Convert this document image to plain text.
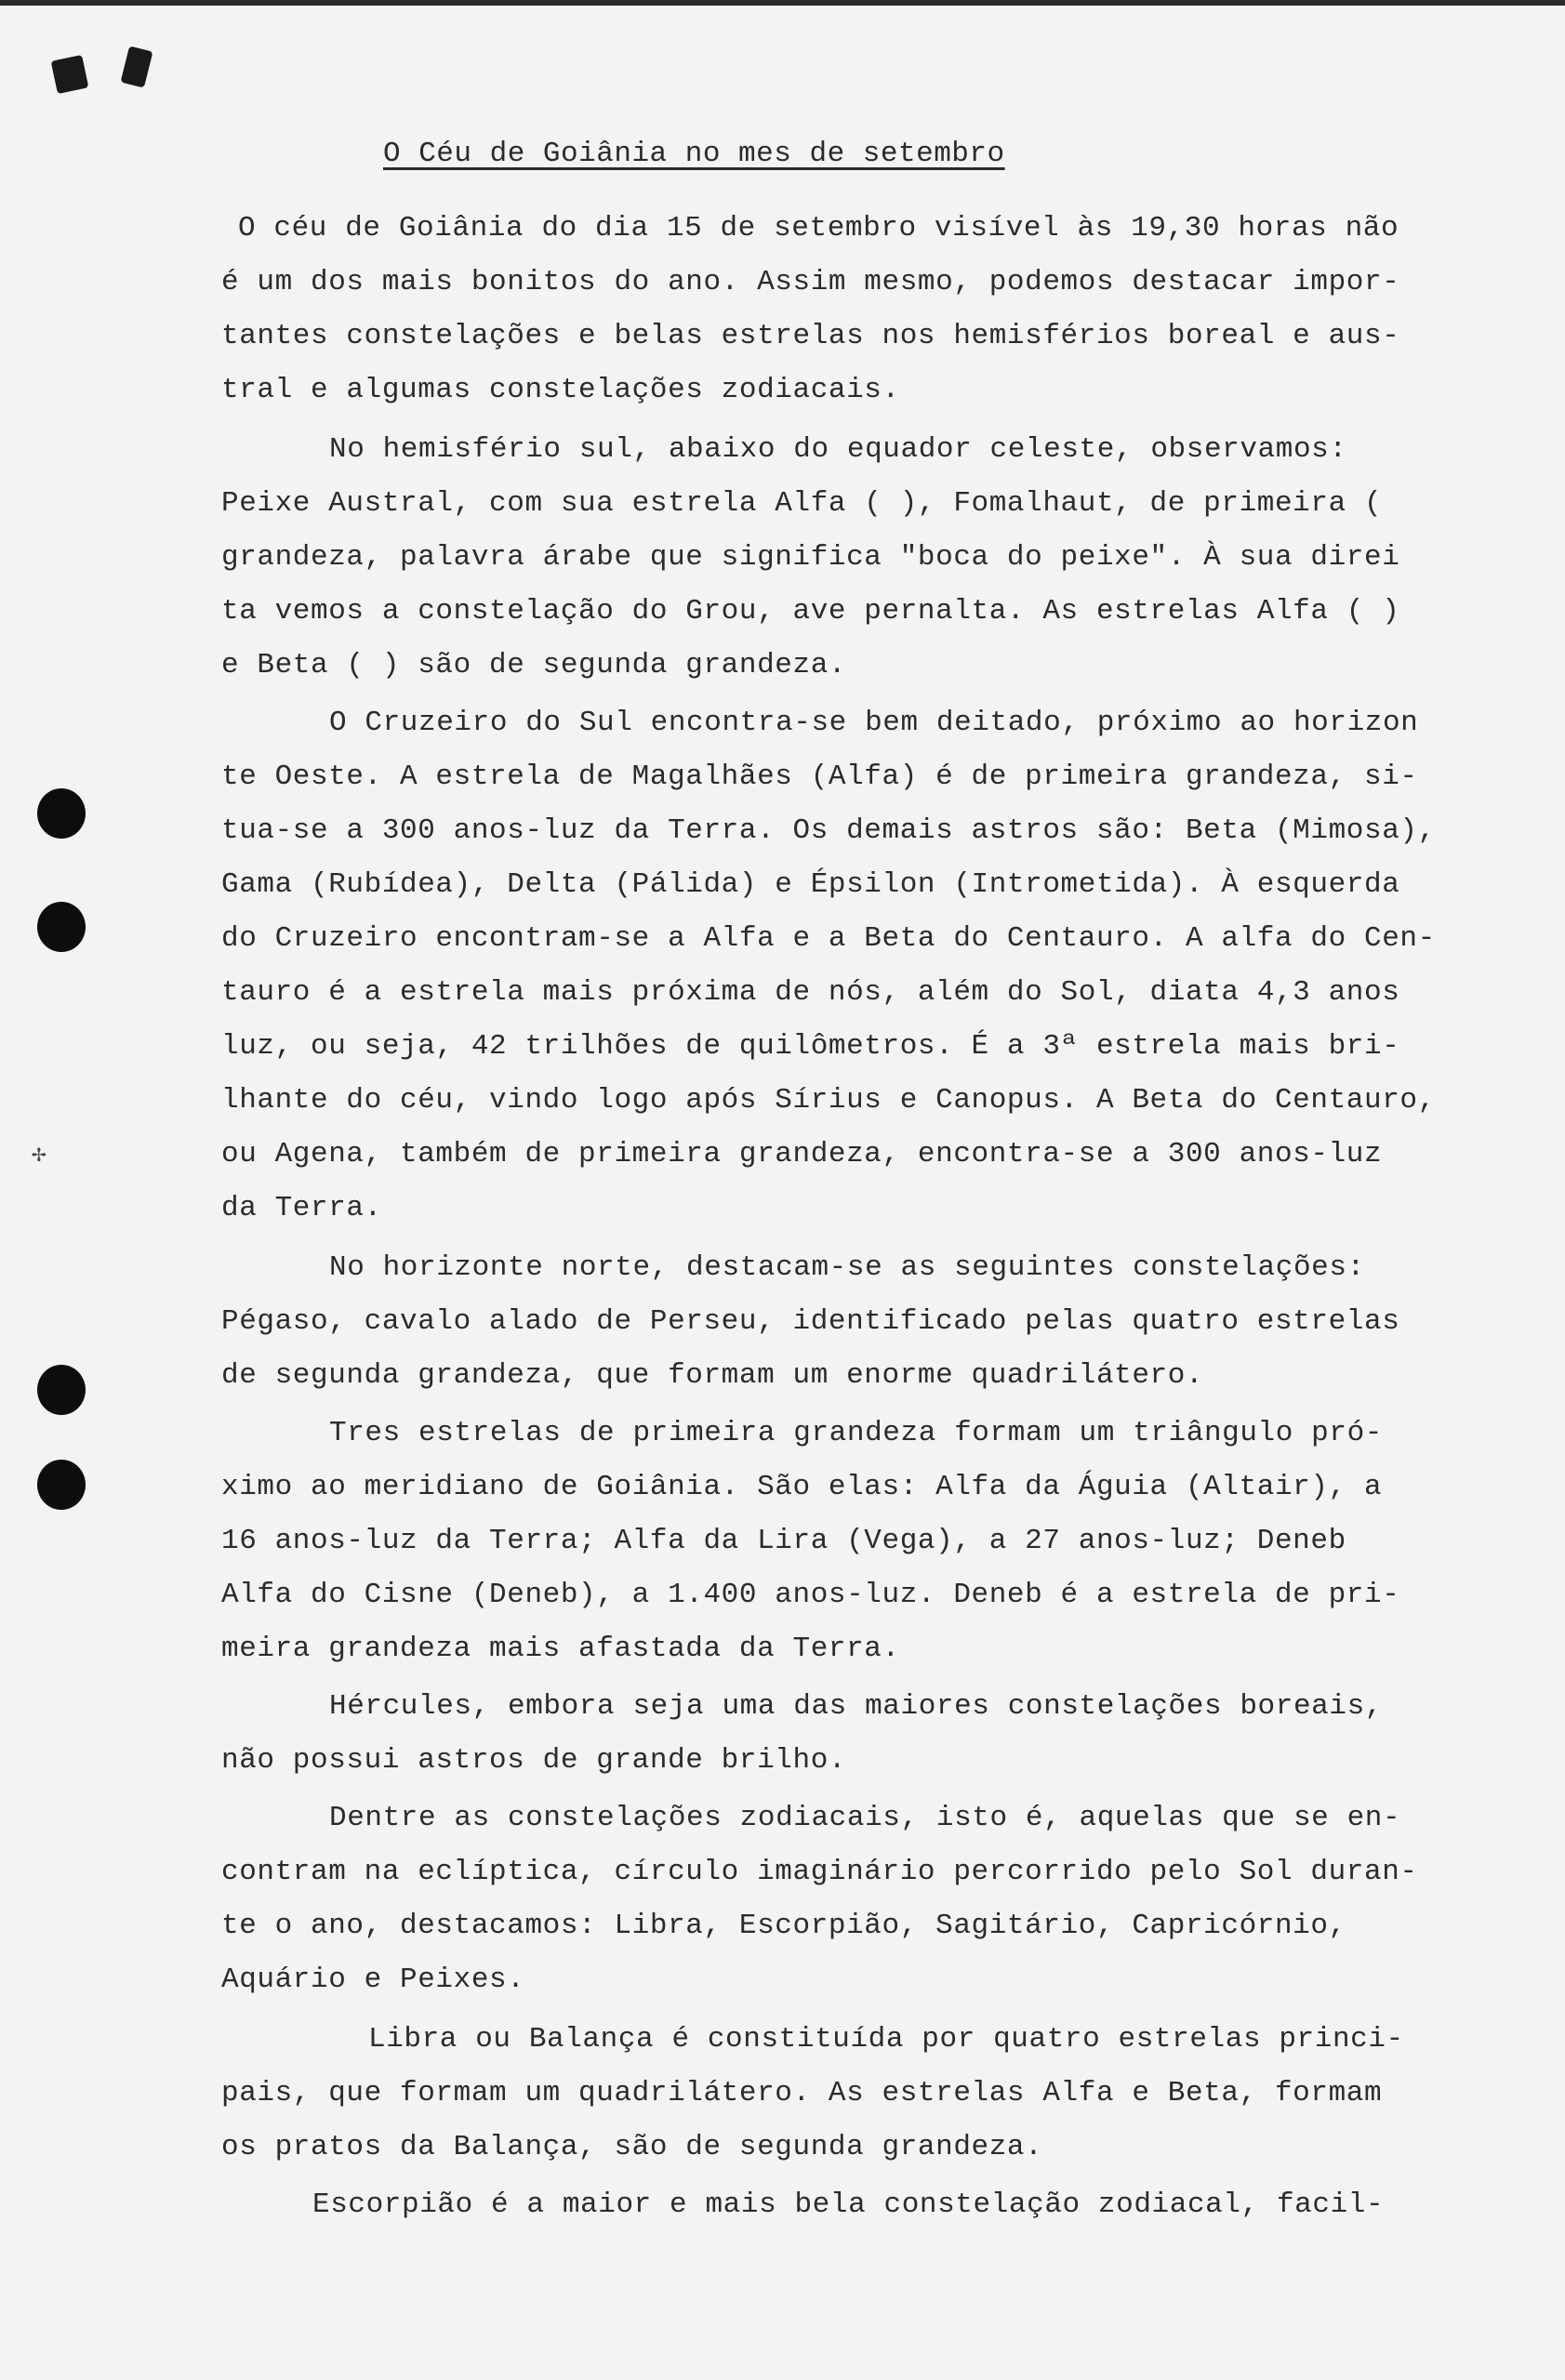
✢
O Céu de Goiânia no mes de setembro

O céu de Goiânia do dia 15 de setembro visível às 19,30 horas não

é um dos mais bonitos do ano. Assim mesmo, podemos destacar impor-

tantes constelações e belas estrelas nos hemisférios boreal e aus-

tral e algumas constelações zodiacais.

No hemisfério sul, abaixo do equador celeste, observamos:

Peixe Austral, com sua estrela Alfa ( ), Fomalhaut, de primeira (

grandeza, palavra árabe que significa "boca do peixe". À sua direi

ta vemos a constelação do Grou, ave pernalta. As estrelas Alfa ( )

e Beta ( ) são de segunda grandeza.

O Cruzeiro do Sul encontra-se bem deitado, próximo ao horizon

te Oeste. A estrela de Magalhães (Alfa) é de primeira grandeza, si-

tua-se a 300 anos-luz da Terra. Os demais astros são: Beta (Mimosa),

Gama (Rubídea), Delta (Pálida) e Épsilon (Intrometida). À esquerda

do Cruzeiro encontram-se a Alfa e a Beta do Centauro. A alfa do Cen-

tauro é a estrela mais próxima de nós, além do Sol, diata 4,3 anos

luz, ou seja, 42 trilhões de quilômetros. É a 3ª estrela mais bri-

lhante do céu, vindo logo após Sírius e Canopus. A Beta do Centauro,

ou Agena, também de primeira grandeza, encontra-se a 300 anos-luz

da Terra.

No horizonte norte, destacam-se as seguintes constelações:

Pégaso, cavalo alado de Perseu, identificado pelas quatro estrelas

de segunda grandeza, que formam um enorme quadrilátero.

Tres estrelas de primeira grandeza formam um triângulo pró-

ximo ao meridiano de Goiânia. São elas: Alfa da Águia (Altair), a

16 anos-luz da Terra; Alfa da Lira (Vega), a 27 anos-luz; Deneb

Alfa do Cisne (Deneb), a 1.400 anos-luz. Deneb é a estrela de pri-

meira grandeza mais afastada da Terra.

Hércules, embora seja uma das maiores constelações boreais,

não possui astros de grande brilho.

Dentre as constelações zodiacais, isto é, aquelas que se en-

contram na eclíptica, círculo imaginário percorrido pelo Sol duran-

te o ano, destacamos: Libra, Escorpião, Sagitário, Capricórnio,

Aquário e Peixes.

Libra ou Balança é constituída por quatro estrelas princi-

pais, que formam um quadrilátero. As estrelas Alfa e Beta, formam

os pratos da Balança, são de segunda grandeza.

Escorpião é a maior e mais bela constelação zodiacal, facil-
